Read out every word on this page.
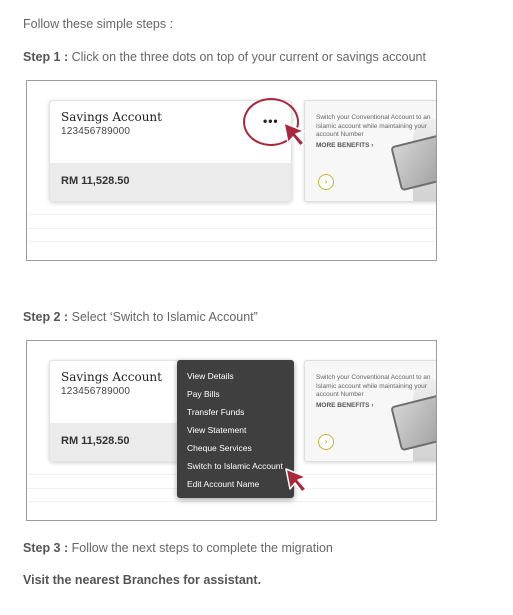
Follow these simple steps :
Step 1 : Click on the three dots on top of your current or savings account
Savings Account
123456789000
•••
RM 11,528.50
Switch your Conventional Account to an Islamic account while maintaining your account Number
MORE BENEFITS ›
›
Step 2 : Select ‘Switch to Islamic Account”
Savings Account
123456789000
RM 11,528.50
Switch your Conventional Account to an Islamic account while maintaining your account Number
MORE BENEFITS ›
›
View Details
Pay Bills
Transfer Funds
View Statement
Cheque Services
Switch to Islamic Account
Edit Account Name
Step 3 : Follow the next steps to complete the migration
Visit the nearest Branches for assistant.
